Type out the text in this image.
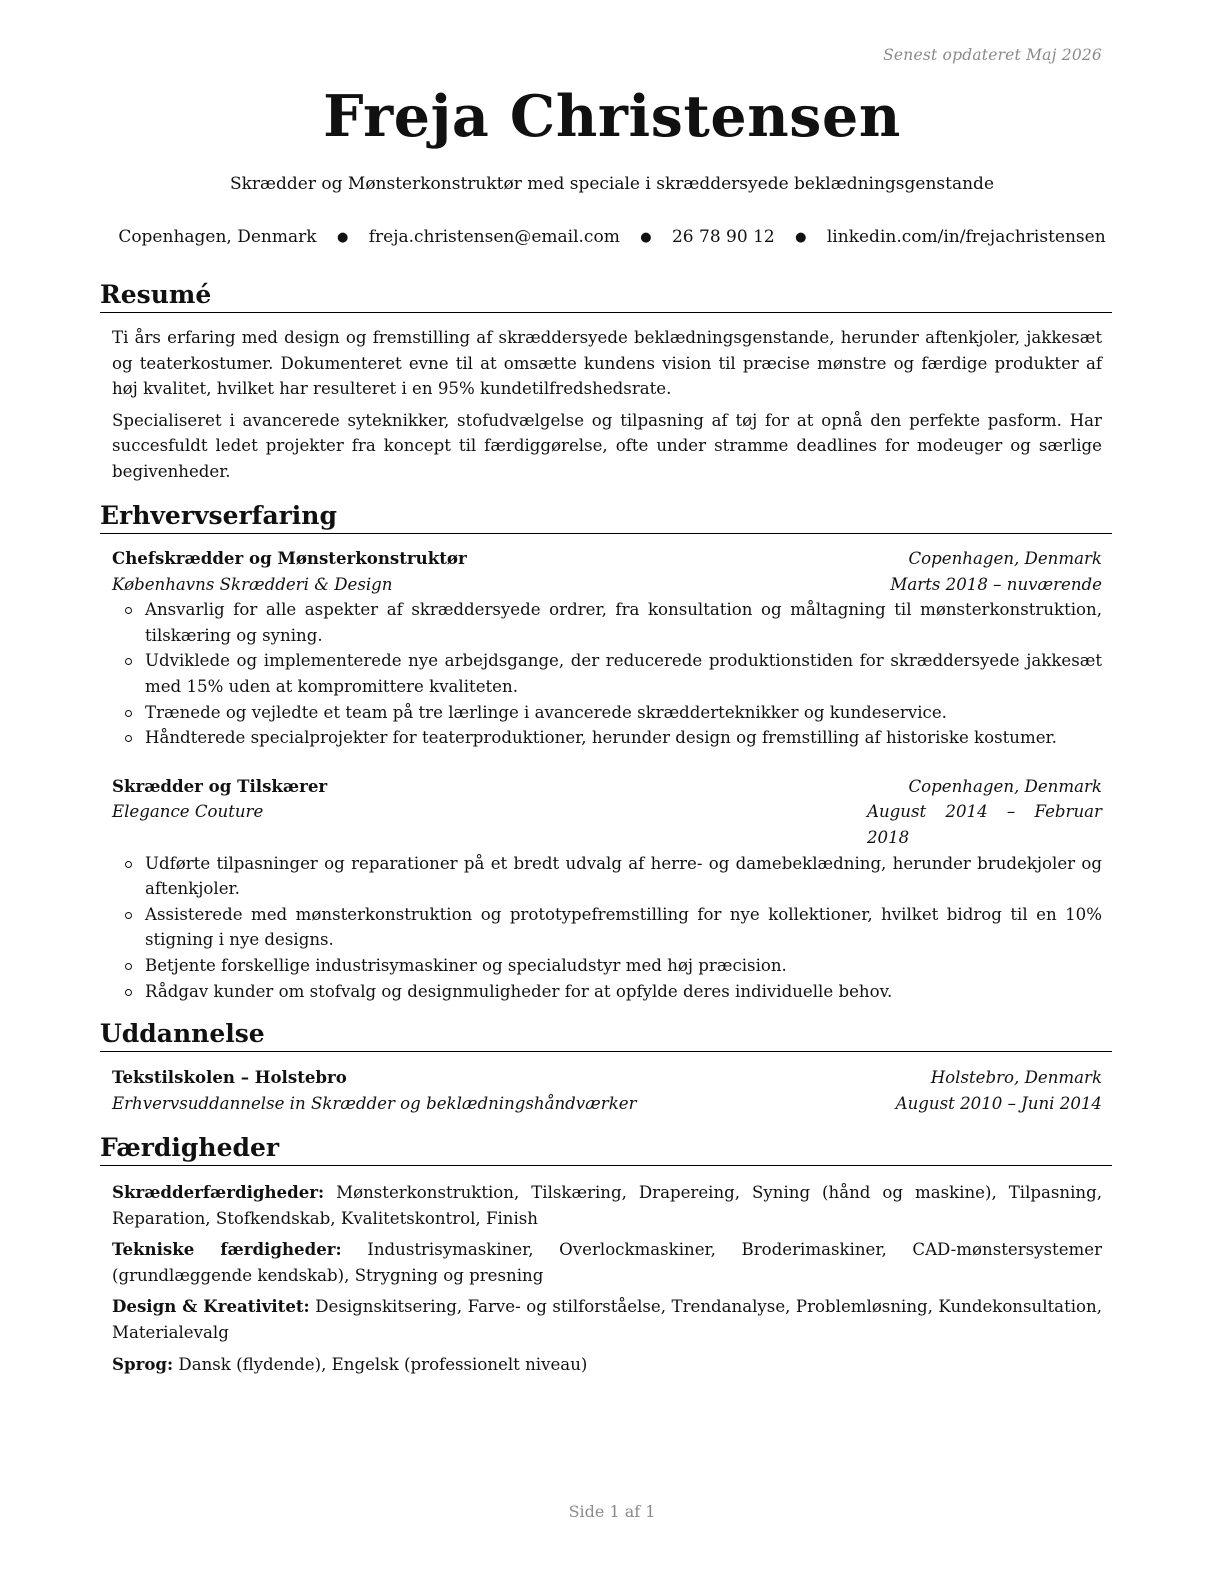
Senest opdateret Maj 2026
Freja Christensen
Skrædder og Mønsterkonstruktør med speciale i skræddersyede beklædningsgenstande
Copenhagen, Denmark ● freja.christensen@email.com ● 26 78 90 12 ● linkedin.com/in/frejachristensen
Resumé

Ti års erfaring med design og fremstilling af skræddersyede beklædningsgenstande, herunder aftenkjoler, jakkesæt og teaterkostumer. Dokumenteret evne til at omsætte kundens vision til præcise mønstre og færdige produkter af høj kvalitet, hvilket har resulteret i en 95% kundetilfredshedsrate.

Specialiseret i avancerede syteknikker, stofudvælgelse og tilpasning af tøj for at opnå den perfekte pasform. Har succesfuldt ledet projekter fra koncept til færdiggørelse, ofte under stramme deadlines for modeuger og særlige begivenheder.

Erhvervserfaring
Chefskrædder og Mønsterkonstruktør	Copenhagen, Denmark
Københavns Skrædderi & Design	Marts 2018 – nuværende
Ansvarlig for alle aspekter af skræddersyede ordrer, fra konsultation og måltagning til mønsterkonstruktion, tilskæring og syning.
Udviklede og implementerede nye arbejdsgange, der reducerede produktionstiden for skræddersyede jakkesæt med 15% uden at kompromittere kvaliteten.
Trænede og vejledte et team på tre lærlinge i avancerede skrædderteknikker og kundeservice.
Håndterede specialprojekter for teaterproduktioner, herunder design og fremstilling af historiske kostumer.
Skrædder og Tilskærer	Copenhagen, Denmark
Elegance Couture	August 2014 – Februar 2018
Udførte tilpasninger og reparationer på et bredt udvalg af herre- og damebeklædning, herunder brudekjoler og aftenkjoler.
Assisterede med mønsterkonstruktion og prototypefremstilling for nye kollektioner, hvilket bidrog til en 10% stigning i nye designs.
Betjente forskellige industrisymaskiner og specialudstyr med høj præcision.
Rådgav kunder om stofvalg og designmuligheder for at opfylde deres individuelle behov.
Uddannelse
Tekstilskolen – Holstebro	Holstebro, Denmark
Erhvervsuddannelse in Skrædder og beklædningshåndværker	August 2010 – Juni 2014
Færdigheder

Skrædderfærdigheder: Mønsterkonstruktion, Tilskæring, Drapereing, Syning (hånd og maskine), Tilpasning, Reparation, Stofkendskab, Kvalitetskontrol, Finish

Tekniske færdigheder: Industrisymaskiner, Overlockmaskiner, Broderimaskiner, CAD-mønstersystemer (grundlæggende kendskab), Strygning og presning

Design & Kreativitet: Designskitsering, Farve- og stilforståelse, Trendanalyse, Problemløsning, Kundekonsultation, Materialevalg

Sprog: Dansk (flydende), Engelsk (professionelt niveau)

Side 1 af 1
